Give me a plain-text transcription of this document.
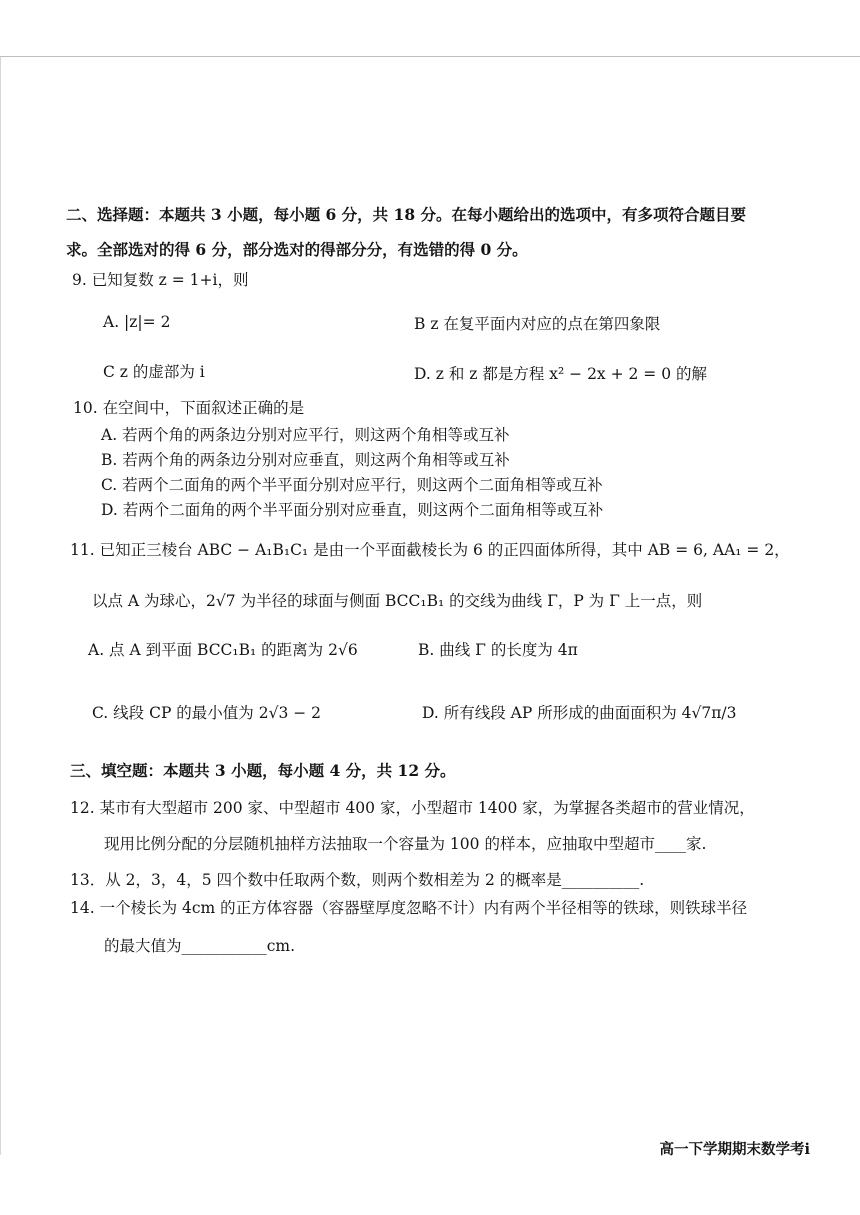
二、选择题：本题共 3 小题，每小题 6 分，共 18 分。在每小题给出的选项中，有多项符合题目要
求。全部选对的得 6 分，部分选对的得部分分，有选错的得 0 分。
9. 已知复数 z = 1+i，则
A. |z|= 2	B z 在复平面内对应的点在第四象限
C z 的虚部为 i	D. z 和 z 都是方程 x² − 2x + 2 = 0 的解
10. 在空间中，下面叙述正确的是
A. 若两个角的两条边分别对应平行，则这两个角相等或互补
B. 若两个角的两条边分别对应垂直，则这两个角相等或互补
C. 若两个二面角的两个半平面分别对应平行，则这两个二面角相等或互补
D. 若两个二面角的两个半平面分别对应垂直，则这两个二面角相等或互补
11. 已知正三棱台 ABC − A₁B₁C₁ 是由一个平面截棱长为 6 的正四面体所得，其中 AB = 6, AA₁ = 2，
以点 A 为球心，2√7 为半径的球面与侧面 BCC₁B₁ 的交线为曲线 Γ，P 为 Γ 上一点，则
A. 点 A 到平面 BCC₁B₁ 的距离为 2√6	B. 曲线 Γ 的长度为 4π
C. 线段 CP 的最小值为 2√3 − 2	D. 所有线段 AP 所形成的曲面面积为 4√7π/3
三、填空题：本题共 3 小题，每小题 4 分，共 12 分。
12. 某市有大型超市 200 家、中型超市 400 家，小型超市 1400 家，为掌握各类超市的营业情况，
现用比例分配的分层随机抽样方法抽取一个容量为 100 的样本，应抽取中型超市____家.
13．从 2，3，4，5 四个数中任取两个数，则两个数相差为 2 的概率是__________.
14. 一个棱长为 4cm 的正方体容器（容器壁厚度忽略不计）内有两个半径相等的铁球，则铁球半径
的最大值为___________cm.
高一下学期期末数学考i
